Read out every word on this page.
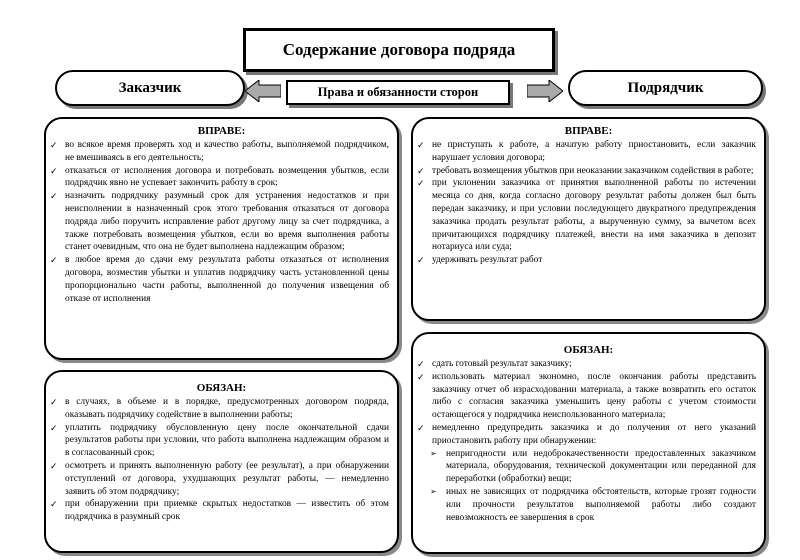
Содержание договора подряда
Заказчик	Подрядчик
Права и обязанности сторон
ВПРАВЕ:
✓ во всякое время проверять ход и качество работы, выполняемой подрядчиком, не вмешиваясь в его деятельность;
✓ отказаться от исполнения договора и потребовать возмещения убытков, если подрядчик явно не успевает закончить работу в срок;
✓ назначить подрядчику разумный срок для устранения недостатков и при неисполнении в назначенный срок этого требования отказаться от договора подряда либо поручить исправление работ другому лицу за счет подрядчика, а также потребовать возмещения убытков, если во время выполнения работы станет очевидным, что она не будет выполнена надлежащим образом;
✓ в любое время до сдачи ему результата работы отказаться от исполнения договора, возместив убытки и уплатив подрядчику часть установленной цены пропорционально части работы, выполненной до получения извещения об отказе от исполнения
ОБЯЗАН:
✓ в случаях, в объеме и в порядке, предусмотренных договором подряда, оказывать подрядчику содействие в выполнении работы;
✓ уплатить подрядчику обусловленную цену после окончательной сдачи результатов работы при условии, что работа выполнена надлежащим образом и в согласованный срок;
✓ осмотреть и принять выполненную работу (ее результат), а при обнаружении отступлений от договора, ухудшающих результат работы, — немедленно заявить об этом подрядчику;
✓ при обнаружении при приемке скрытых недостатков — известить об этом подрядчика в разумный срок
ВПРАВЕ:
✓ не приступать к работе, а начатую работу приостановить, если заказчик нарушает условия договора;
✓ требовать возмещения убытков при неоказании заказчиком содействия в работе;
✓ при уклонении заказчика от принятия выполненной работы по истечении месяца со дня, когда согласно договору результат работы должен был быть передан заказчику, и при условии последующего двукратного предупреждения заказчика продать результат работы, а вырученную сумму, за вычетом всех причитающихся подрядчику платежей, внести на имя заказчика в депозит нотариуса или суда;
✓ удерживать результат работ
ОБЯЗАН:
✓ сдать готовый результат заказчику;
✓ использовать материал экономно, после окончания работы представить заказчику отчет об израсходовании материала, а также возвратить его остаток либо с согласия заказчика уменьшить цену работы с учетом стоимости остающегося у подрядчика неиспользованного материала;
✓ немедленно предупредить заказчика и до получения от него указаний приостановить работу при обнаружении:
➢ непригодности или недоброкачественности предоставленных заказчиком материала, оборудования, технической документации или переданной для переработки (обработки) вещи;
➢ иных не зависящих от подрядчика обстоятельств, которые грозят годности или прочности результатов выполняемой работы либо создают невозможность ее завершения в срок
